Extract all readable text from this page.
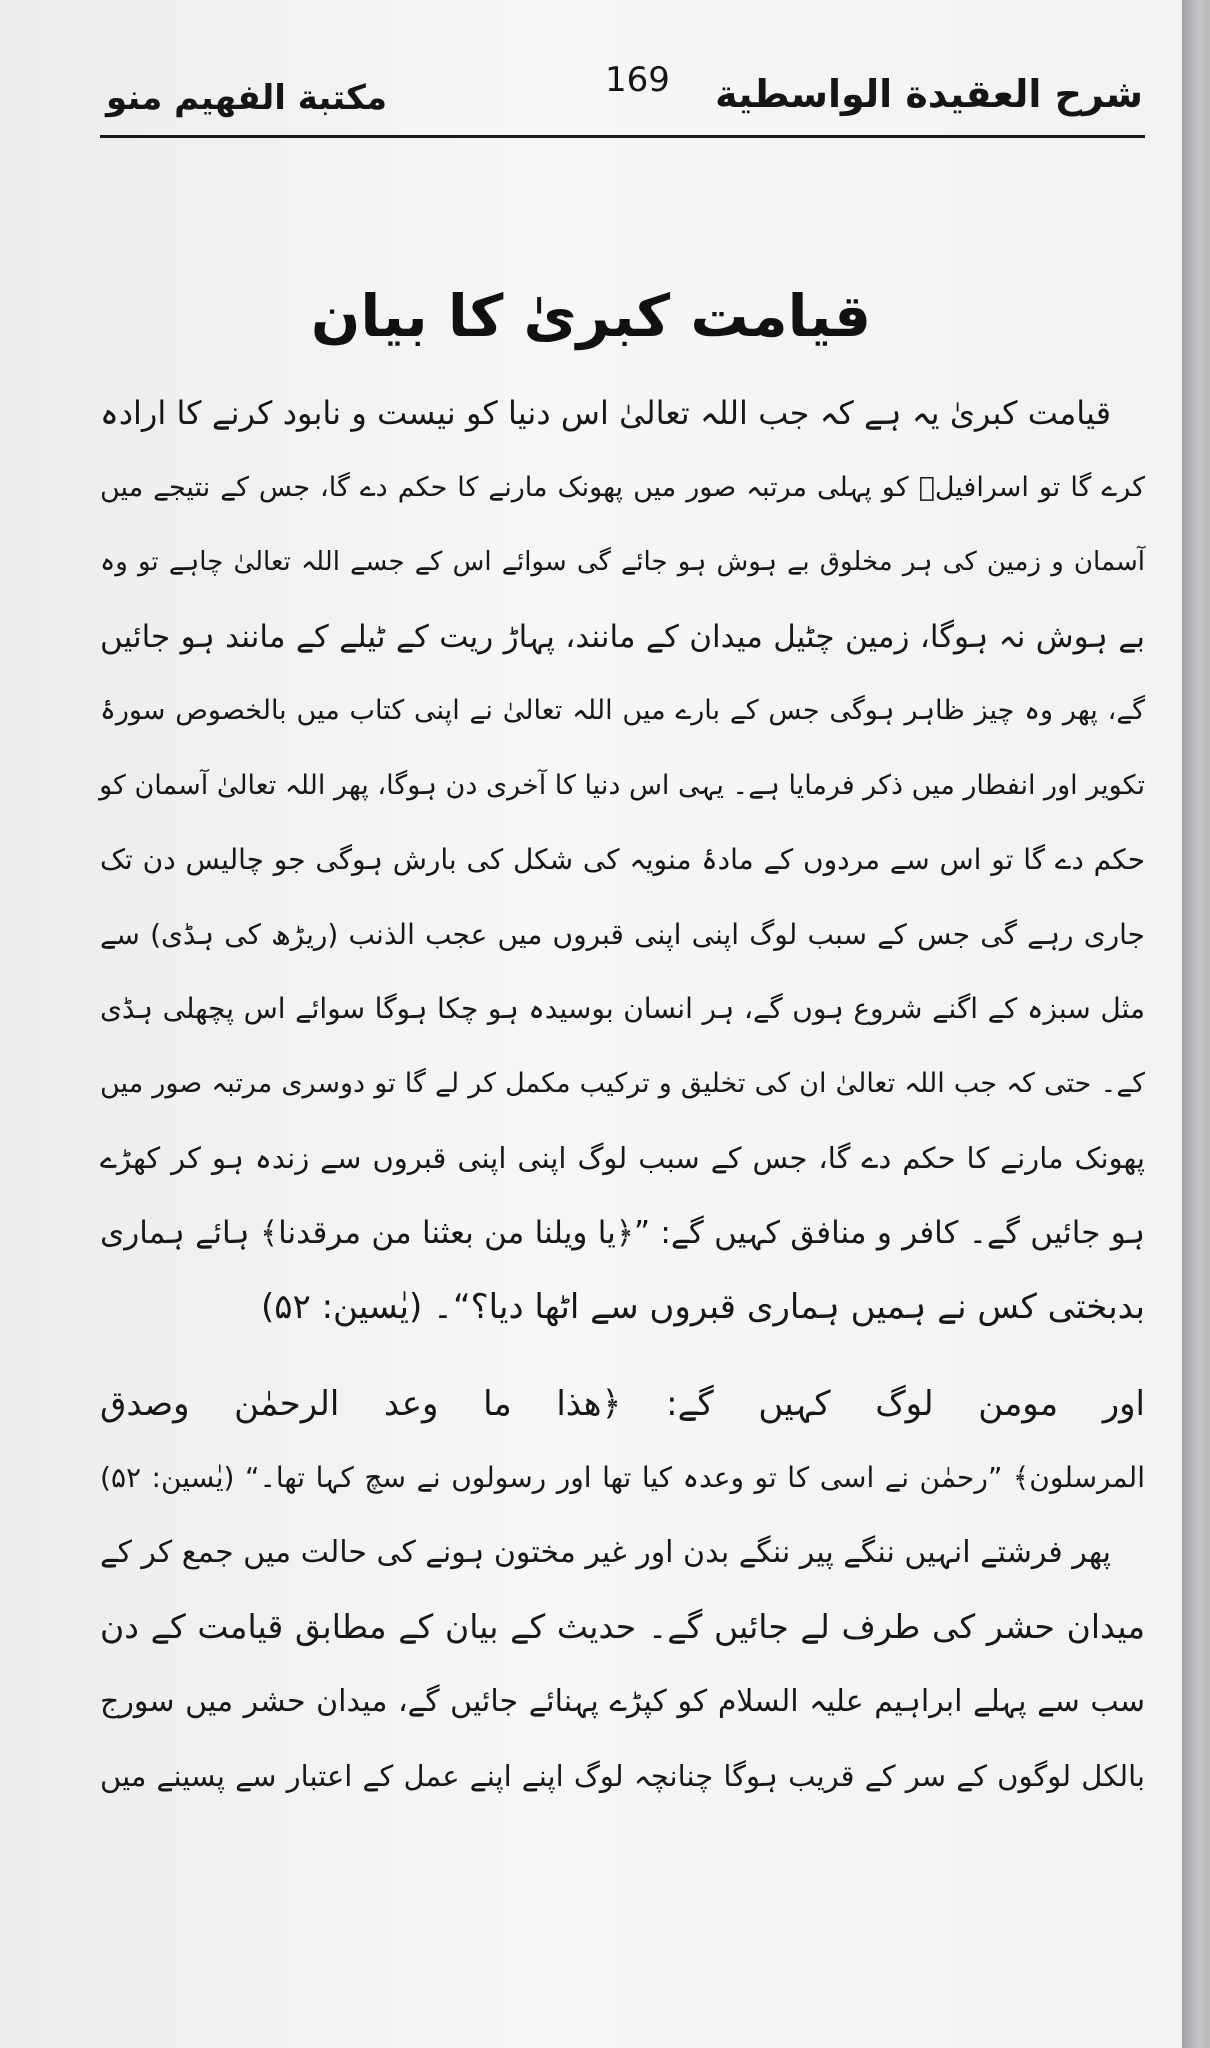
شرح العقیدة الواسطیة
169
مکتبة الفهیم منو
قیامت کبریٰ کا بیان
قیامت کبریٰ یہ ہے کہ جب اللہ تعالیٰ اس دنیا کو نیست و نابود کرنے کا ارادہ
کرے گا تو اسرافیلؑ کو پہلی مرتبہ صور میں پھونک مارنے کا حکم دے گا، جس کے نتیجے میں
آسمان و زمین کی ہر مخلوق بے ہوش ہو جائے گی سوائے اس کے جسے اللہ تعالیٰ چاہے تو وہ
بے ہوش نہ ہوگا، زمین چٹیل میدان کے مانند، پہاڑ ریت کے ٹیلے کے مانند ہو جائیں
گے، پھر وہ چیز ظاہر ہوگی جس کے بارے میں اللہ تعالیٰ نے اپنی کتاب میں بالخصوص سورۂ
تکویر اور انفطار میں ذکر فرمایا ہے۔ یہی اس دنیا کا آخری دن ہوگا، پھر اللہ تعالیٰ آسمان کو
حکم دے گا تو اس سے مردوں کے مادۂ منویہ کی شکل کی بارش ہوگی جو چالیس دن تک
جاری رہے گی جس کے سبب لوگ اپنی اپنی قبروں میں عجب الذنب (ریڑھ کی ہڈی) سے
مثل سبزہ کے اگنے شروع ہوں گے، ہر انسان بوسیدہ ہو چکا ہوگا سوائے اس پچھلی ہڈی
کے۔ حتی کہ جب اللہ تعالیٰ ان کی تخلیق و ترکیب مکمل کر لے گا تو دوسری مرتبہ صور میں
پھونک مارنے کا حکم دے گا، جس کے سبب لوگ اپنی اپنی قبروں سے زندہ ہو کر کھڑے
ہو جائیں گے۔ کافر و منافق کہیں گے: ”﴿یا ویلنا من بعثنا من مرقدنا﴾ ہائے ہماری
بدبختی کس نے ہمیں ہماری قبروں سے اٹھا دیا؟“۔ (یٰسین: ۵۲)
اور مومن لوگ کہیں گے: ﴿ھذا ما وعد الرحمٰن وصدق
المرسلون﴾ ”رحمٰن نے اسی کا تو وعدہ کیا تھا اور رسولوں نے سچ کہا تھا۔“ (یٰسین: ۵۲)
پھر فرشتے انہیں ننگے پیر ننگے بدن اور غیر مختون ہونے کی حالت میں جمع کر کے
میدان حشر کی طرف لے جائیں گے۔ حدیث کے بیان کے مطابق قیامت کے دن
سب سے پہلے ابراہیم علیہ السلام کو کپڑے پہنائے جائیں گے، میدان حشر میں سورج
بالکل لوگوں کے سر کے قریب ہوگا چنانچہ لوگ اپنے اپنے عمل کے اعتبار سے پسینے میں
